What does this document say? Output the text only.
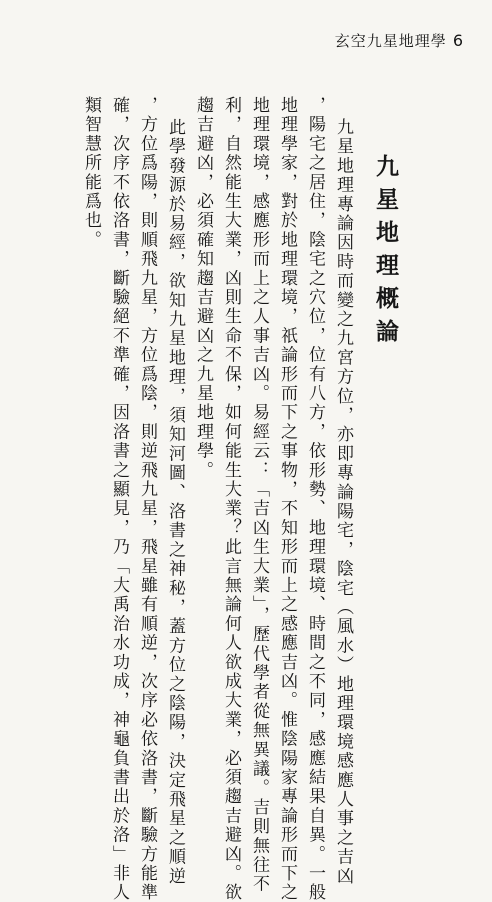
玄空九星地理學 6
九星地理概論
九星地理專論因時而變之九宮方位，亦即專論陽宅，陰宅（風水）地理環境感應人事之吉凶
，陽宅之居住，陰宅之穴位，位有八方，依形勢、地理環境、時間之不同，感應結果自異。一般
地理學家，對於地理環境，祇論形而下之事物，不知形而上之感應吉凶。惟陰陽家專論形而下之
地理環境，感應形而上之人事吉凶。易經云：「吉凶生大業」，歷代學者從無異議。吉則無往不
利，自然能生大業，凶則生命不保，如何能生大業？此言無論何人欲成大業，必須趨吉避凶。欲
趨吉避凶，必須確知趨吉避凶之九星地理學。
此學發源於易經，欲知九星地理，須知河圖、洛書之神秘，蓋方位之陰陽，決定飛星之順逆
，方位爲陽，則順飛九星，方位爲陰，則逆飛九星，飛星雖有順逆，次序必依洛書，斷驗方能準
確，次序不依洛書，斷驗絕不準確，因洛書之顯見，乃「大禹治水功成，神龜負書出於洛」非人
類智慧所能爲也。
